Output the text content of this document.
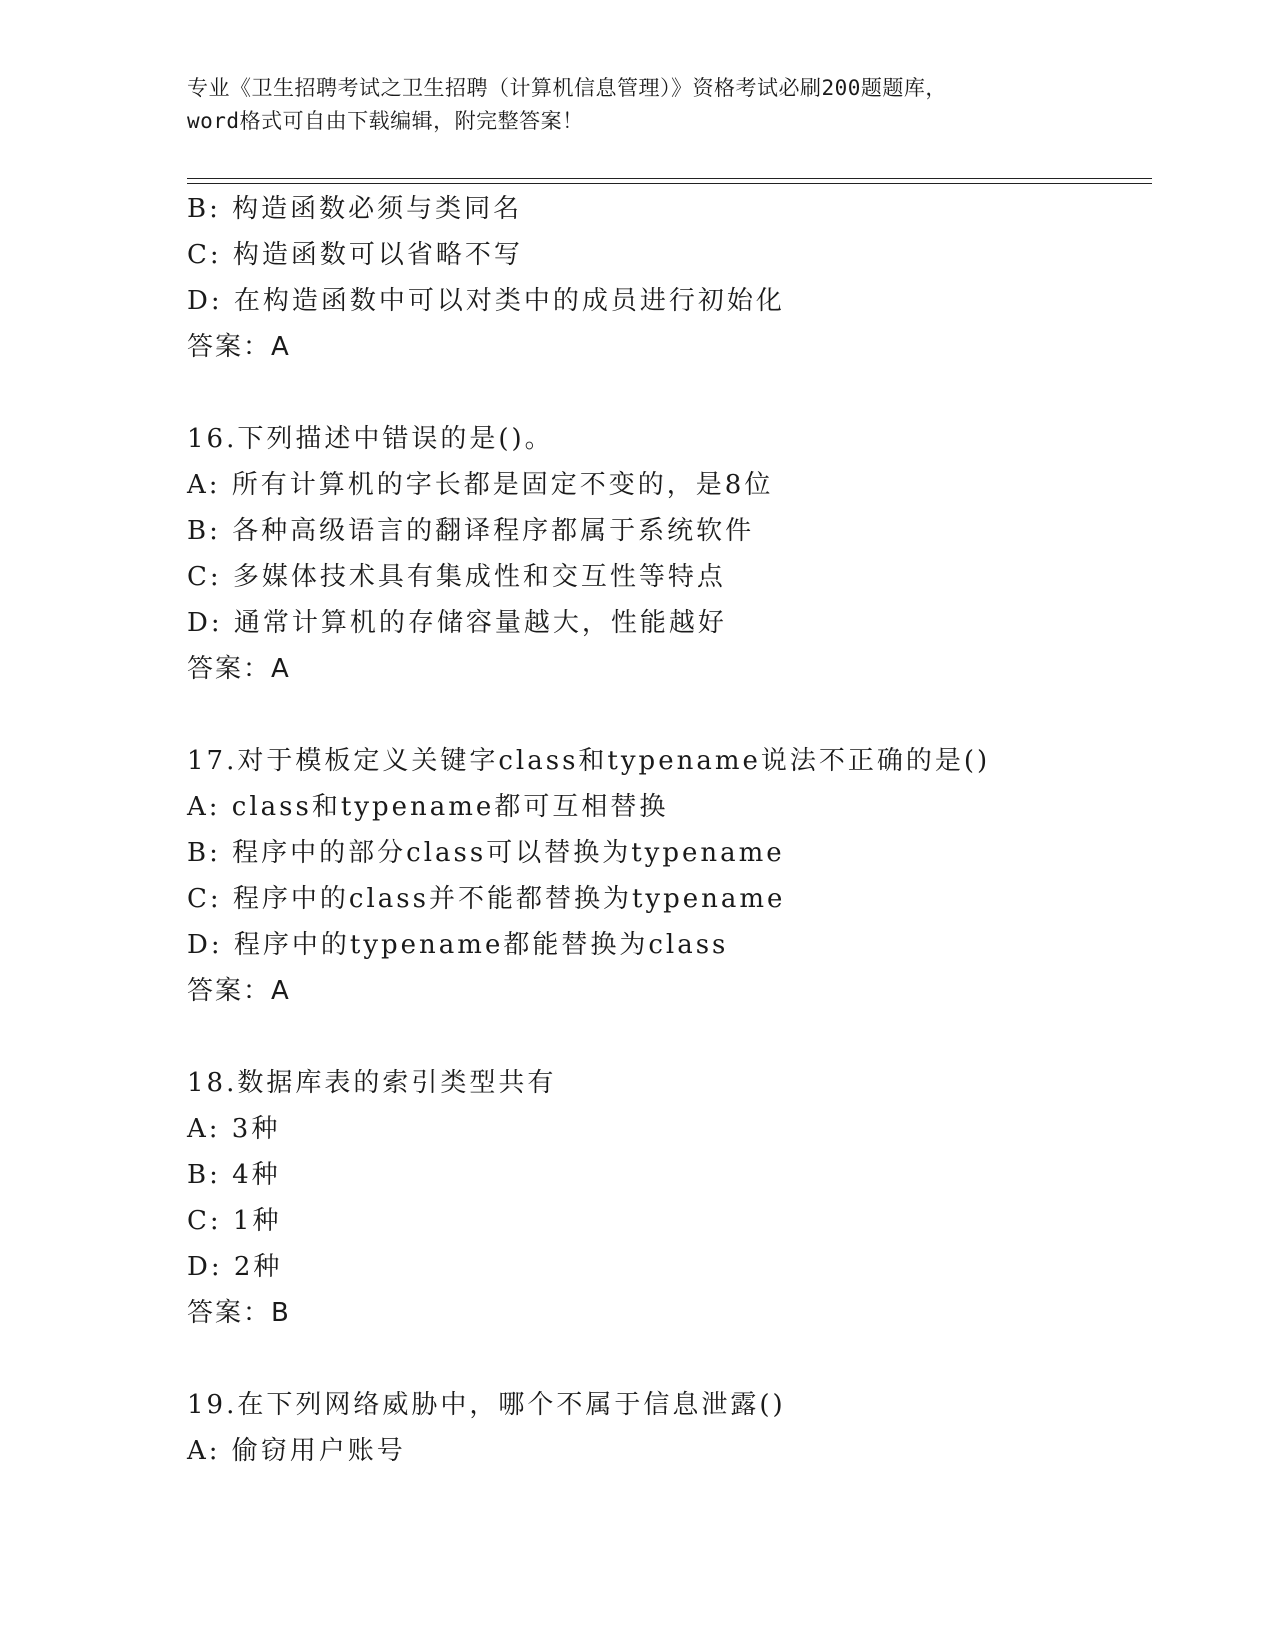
专业《卫生招聘考试之卫生招聘（计算机信息管理）》资格考试必刷200题题库，
word格式可自由下载编辑，附完整答案！
B: 构造函数必须与类同名
C: 构造函数可以省略不写
D: 在构造函数中可以对类中的成员进行初始化
答案：A
16.下列描述中错误的是()。
A: 所有计算机的字长都是固定不变的，是8位
B: 各种高级语言的翻译程序都属于系统软件
C: 多媒体技术具有集成性和交互性等特点
D: 通常计算机的存储容量越大，性能越好
答案：A
17.对于模板定义关键字class和typename说法不正确的是()
A: class和typename都可互相替换
B: 程序中的部分class可以替换为typename
C: 程序中的class并不能都替换为typename
D: 程序中的typename都能替换为class
答案：A
18.数据库表的索引类型共有
A: 3种
B: 4种
C: 1种
D: 2种
答案：B
19.在下列网络威胁中，哪个不属于信息泄露()
A: 偷窃用户账号
